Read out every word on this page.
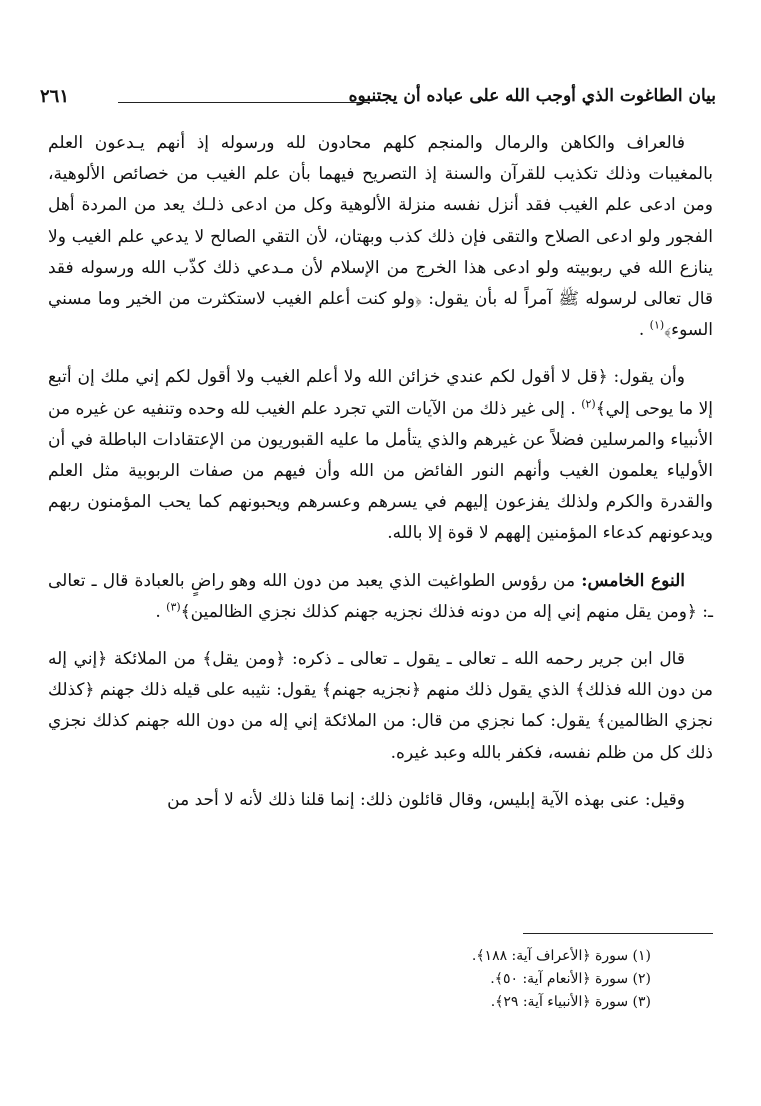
بيان الطاغوت الذي أوجب الله على عباده أن يجتنبوه
٢٦١

فالعراف والكاهن والرمال والمنجم كلهم محادون لله ورسوله إذ أنهم يـدعون العلم بالمغيبات وذلك تكذيب للقرآن والسنة إذ التصريح فيهما بأن علم الغيب من خصائص الألوهية، ومن ادعى علم الغيب فقد أنزل نفسه منزلة الألوهية وكل من ادعى ذلـك يعد من المردة أهل الفجور ولو ادعى الصلاح والتقى فإن ذلك كذب وبهتان، لأن التقي الصالح لا يدعي علم الغيب ولا ينازع الله في ربوبيته ولو ادعى هذا الخرج من الإسلام لأن مـدعي ذلك كذّب الله ورسوله فقد قال تعالى لرسوله ﷺ آمراً له بأن يقول: ﴿ولو كنت أعلم الغيب لاستكثرت من الخير وما مسني السوء﴾$^{(١)}$ .

وأن يقول: ﴿قل لا أقول لكم عندي خزائن الله ولا أعلم الغيب ولا أقول لكم إني ملك إن أتبع إلا ما يوحى إلي﴾$^{(٢)}$ . إلى غير ذلك من الآيات التي تجرد علم الغيب لله وحده وتنفيه عن غيره من الأنبياء والمرسلين فضلاً عن غيرهم والذي يتأمل ما عليه القبوريون من الإعتقادات الباطلة في أن الأولياء يعلمون الغيب وأنهم النور الفائض من الله وأن فيهم من صفات الربوبية مثل العلم والقدرة والكرم ولذلك يفزعون إليهم في يسرهم وعسرهم ويحبونهم كما يحب المؤمنون ربهم ويدعونهم كدعاء المؤمنين إلههم لا قوة إلا بالله.

النوع الخامس: من رؤوس الطواغيت الذي يعبد من دون الله وهو راضٍ بالعبادة قال ـ تعالى ـ: ﴿ومن يقل منهم إني إله من دونه فذلك نجزيه جهنم كذلك نجزي الظالمين﴾$^{(٣)}$ .

قال ابن جرير رحمه الله ـ تعالى ـ يقول ـ تعالى ـ ذكره: ﴿ومن يقل﴾ من الملائكة ﴿إني إله من دون الله فذلك﴾ الذي يقول ذلك منهم ﴿نجزيه جهنم﴾ يقول: نثيبه على قيله ذلك جهنم ﴿كذلك نجزي الظالمين﴾ يقول: كما نجزي من قال: من الملائكة إني إله من دون الله جهنم كذلك نجزي ذلك كل من ظلم نفسه، فكفر بالله وعبد غيره.

وقيل: عنى بهذه الآية إبليس، وقال قائلون ذلك: إنما قلنا ذلك لأنه لا أحد من

(١) سورة ﴿الأعراف آية: ١٨٨﴾.
(٢) سورة ﴿الأنعام آية: ٥٠﴾.
(٣) سورة ﴿الأنبياء آية: ٢٩﴾.
